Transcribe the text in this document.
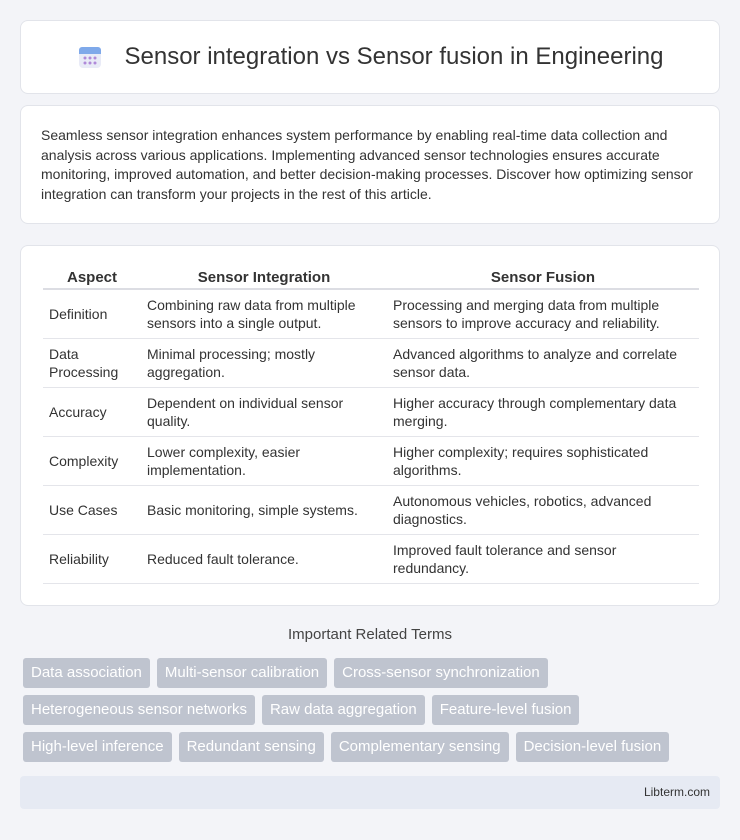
Sensor integration vs Sensor fusion in Engineering

Seamless sensor integration enhances system performance by enabling real-time data collection and analysis across various applications. Implementing advanced sensor technologies ensures accurate monitoring, improved automation, and better decision-making processes. Discover how optimizing sensor integration can transform your projects in the rest of this article.

Aspect	Sensor Integration	Sensor Fusion
Definition	Combining raw data from multiple sensors into a single output.	Processing and merging data from multiple sensors to improve accuracy and reliability.
Data Processing	Minimal processing; mostly aggregation.	Advanced algorithms to analyze and correlate sensor data.
Accuracy	Dependent on individual sensor quality.	Higher accuracy through complementary data merging.
Complexity	Lower complexity, easier implementation.	Higher complexity; requires sophisticated algorithms.
Use Cases	Basic monitoring, simple systems.	Autonomous vehicles, robotics, advanced diagnostics.
Reliability	Reduced fault tolerance.	Improved fault tolerance and sensor redundancy.
Important Related Terms
Data association	Multi-sensor calibration	Cross-sensor synchronization
Heterogeneous sensor networks	Raw data aggregation	Feature-level fusion
High-level inference	Redundant sensing	Complementary sensing	Decision-level fusion
Libterm.com
